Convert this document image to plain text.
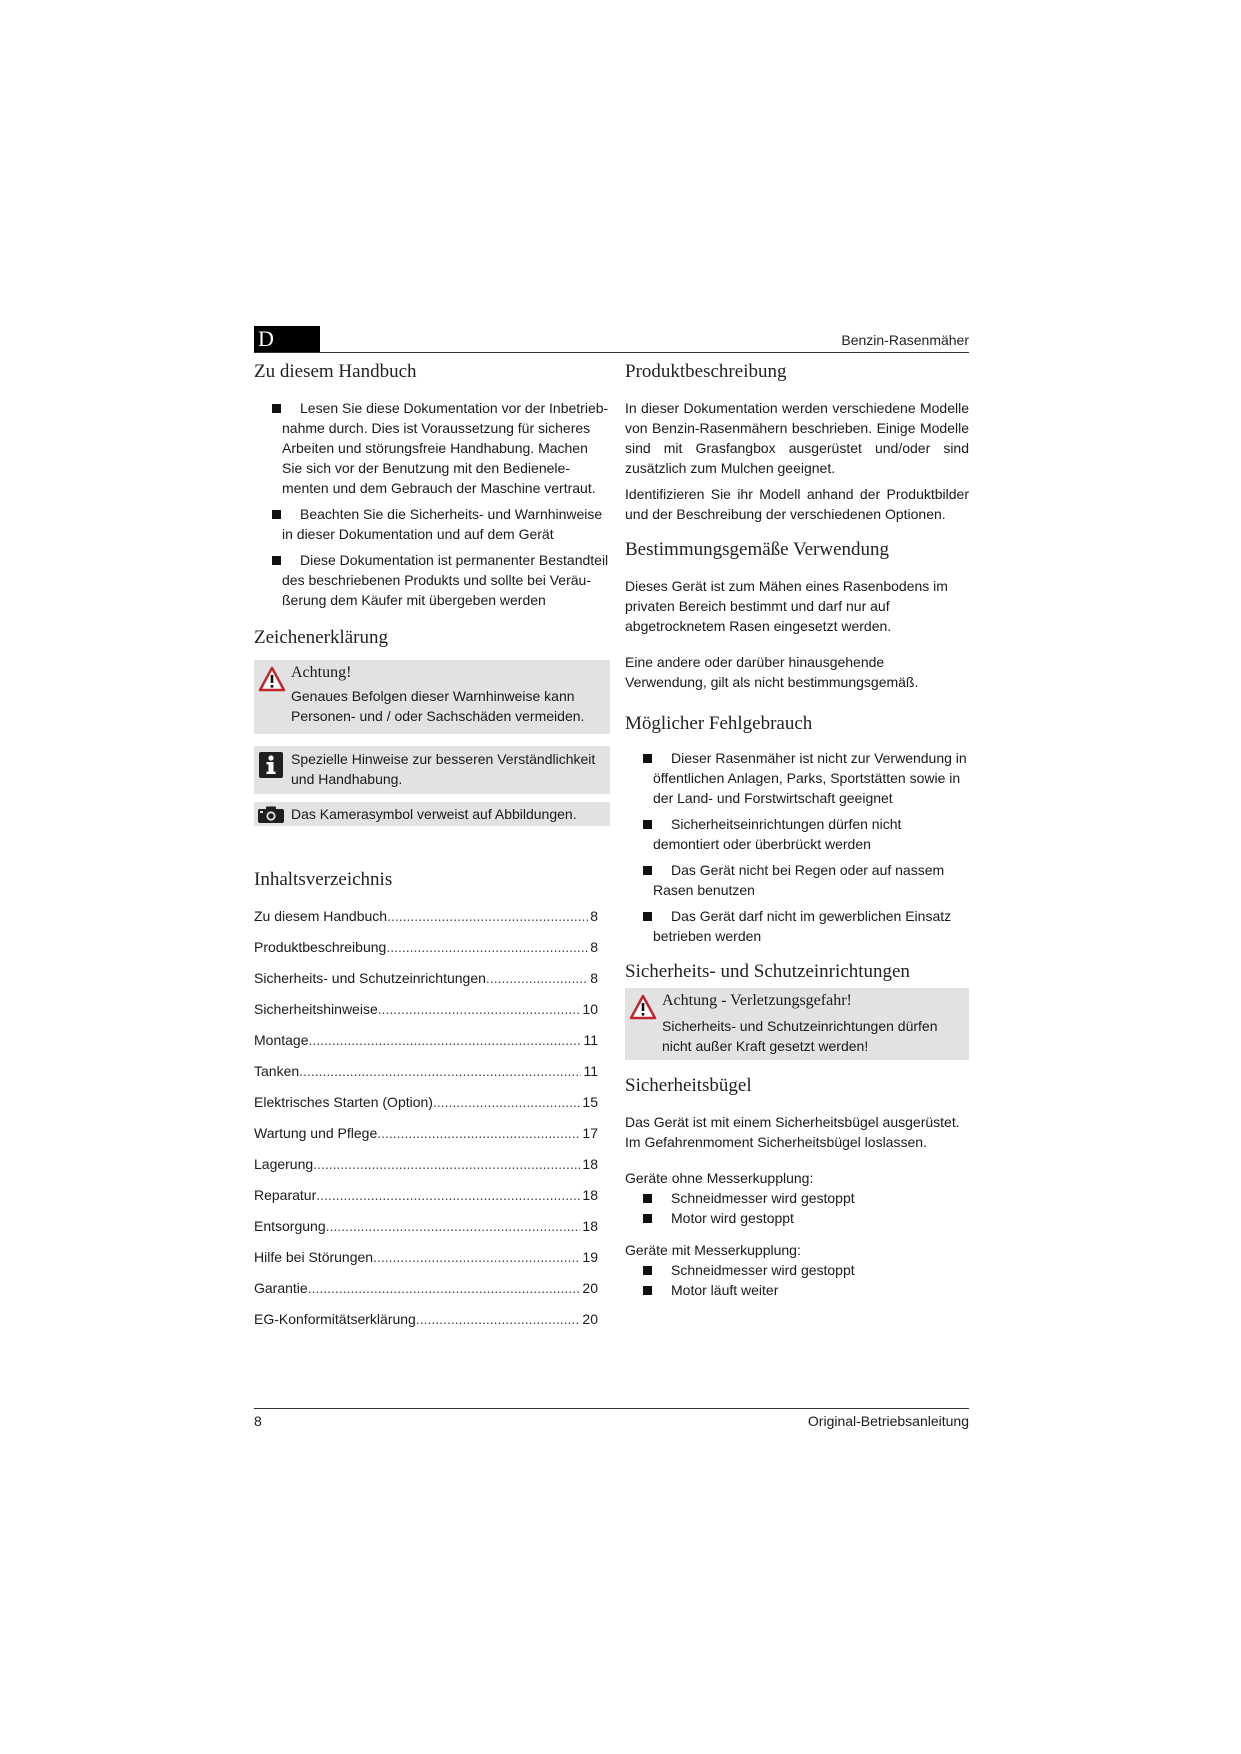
D	Benzin-Rasenmäher
Zu diesem Handbuch
Lesen Sie diese Dokumentation vor der Inbetriebnahme durch. Dies ist Voraussetzung für sicheres Arbeiten und störungsfreie Handhabung. Machen Sie sich vor der Benutzung mit den Bedienelementen und dem Gebrauch der Maschine vertraut.
Beachten Sie die Sicherheits- und Warnhinweise in dieser Dokumentation und auf dem Gerät
Diese Dokumentation ist permanenter Bestandteil des beschriebenen Produkts und sollte bei Veräußerung dem Käufer mit übergeben werden
Zeichenerklärung
Achtung!
Genaues Befolgen dieser Warnhinweise kann Personen- und / oder Sachschäden vermeiden.
Spezielle Hinweise zur besseren Verständlichkeit und Handhabung.
Das Kamerasymbol verweist auf Abbildungen.
Inhaltsverzeichnis
Zu diesem Handbuch .....	8
Produktbeschreibung .....	8
Sicherheits- und Schutzeinrichtungen .....	8
Sicherheitshinweise .....	10
Montage .....	11
Tanken .....	11
Elektrisches Starten (Option) .....	15
Wartung und Pflege .....	17
Lagerung .....	18
Reparatur .....	18
Entsorgung .....	18
Hilfe bei Störungen .....	19
Garantie .....	20
EG-Konformitätserklärung .....	20
Produktbeschreibung

In dieser Dokumentation werden verschiedene Modelle von Benzin-Rasenmähern beschrieben. Einige Modelle sind mit Grasfangbox ausgerüstet und/oder sind zusätzlich zum Mulchen geeignet.

Identifizieren Sie ihr Modell anhand der Produktbilder und der Beschreibung der verschiedenen Optionen.

Bestimmungsgemäße Verwendung

Dieses Gerät ist zum Mähen eines Rasenbodens im privaten Bereich bestimmt und darf nur auf abgetrocknetem Rasen eingesetzt werden.

Eine andere oder darüber hinausgehende Verwendung, gilt als nicht bestimmungsgemäß.

Möglicher Fehlgebrauch
Dieser Rasenmäher ist nicht zur Verwendung in öffentlichen Anlagen, Parks, Sportstätten sowie in der Land- und Forstwirtschaft geeignet
Sicherheitseinrichtungen dürfen nicht demontiert oder überbrückt werden
Das Gerät nicht bei Regen oder auf nassem Rasen benutzen
Das Gerät darf nicht im gewerblichen Einsatz betrieben werden
Sicherheits- und Schutzeinrichtungen
Achtung - Verletzungsgefahr!
Sicherheits- und Schutzeinrichtungen dürfen nicht außer Kraft gesetzt werden!
Sicherheitsbügel

Das Gerät ist mit einem Sicherheitsbügel ausgerüstet. Im Gefahrenmoment Sicherheitsbügel loslassen.

Geräte ohne Messerkupplung:
Schneidmesser wird gestoppt
Motor wird gestoppt
Geräte mit Messerkupplung:
Schneidmesser wird gestoppt
Motor läuft weiter
8	Original-Betriebsanleitung
